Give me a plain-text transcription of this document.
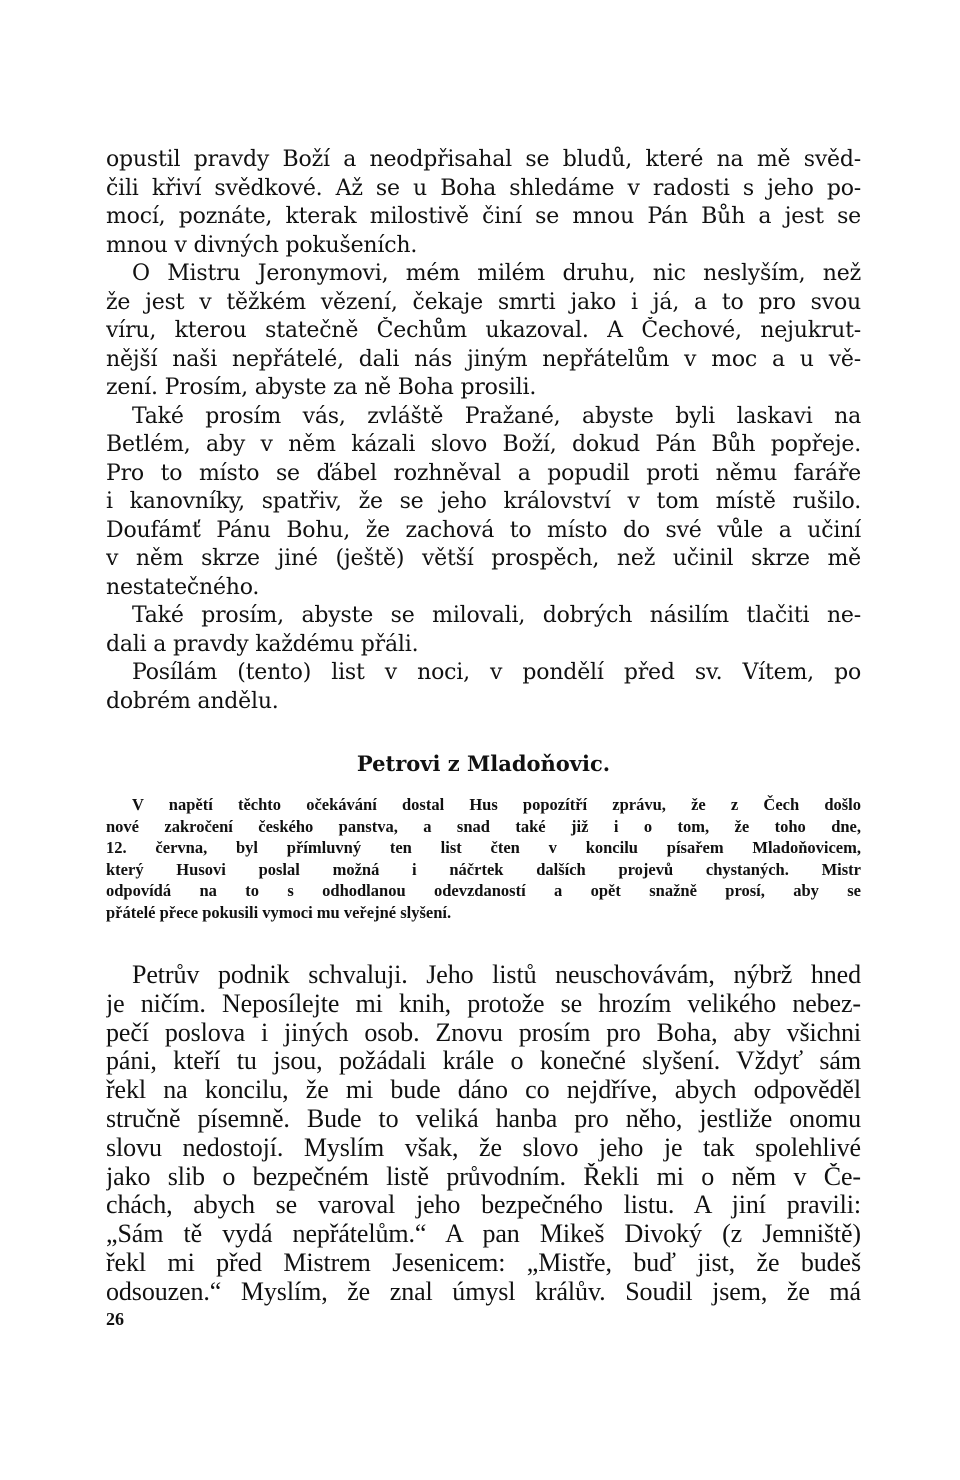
opustil pravdy Boží a neodpřisahal se bludů, které na mě svěd-
čili křiví svědkové. Až se u Boha shledáme v radosti s jeho po-
mocí, poznáte, kterak milostivě činí se mnou Pán Bůh a jest se
mnou v divných pokušeních.
O Mistru Jeronymovi, mém milém druhu, nic neslyším, než
že jest v těžkém vězení, čekaje smrti jako i já, a to pro svou
víru, kterou statečně Čechům ukazoval. A Čechové, nejukrut-
nější naši nepřátelé, dali nás jiným nepřátelům v moc a u vě-
zení. Prosím, abyste za ně Boha prosili.
Také prosím vás, zvláště Pražané, abyste byli laskavi na
Betlém, aby v něm kázali slovo Boží, dokud Pán Bůh popřeje.
Pro to místo se ďábel rozhněval a popudil proti němu faráře
i kanovníky, spatřiv, že se jeho království v tom místě rušilo.
Doufámť Pánu Bohu, že zachová to místo do své vůle a učiní
v něm skrze jiné (ještě) větší prospěch, než učinil skrze mě
nestatečného.
Také prosím, abyste se milovali, dobrých násilím tlačiti ne-
dali a pravdy každému přáli.
Posílám (tento) list v noci, v pondělí před sv. Vítem, po
dobrém andělu.
Petrovi z Mladoňovic.
V napětí těchto očekávání dostal Hus popozítří zprávu, že z Čech došlo
nové zakročení českého panstva, a snad také již i o tom, že toho dne,
12. června, byl přímluvný ten list čten v koncilu písařem Mladoňovicem,
který Husovi poslal možná i náčrtek dalších projevů chystaných. Mistr
odpovídá na to s odhodlanou odevzdaností a opět snažně prosí, aby se
přátelé přece pokusili vymoci mu veřejné slyšení.
Petrův podnik schvaluji. Jeho listů neuschovávám, nýbrž hned
je ničím. Neposílejte mi knih, protože se hrozím velikého nebez-
pečí poslova i jiných osob. Znovu prosím pro Boha, aby všichni
páni, kteří tu jsou, požádali krále o konečné slyšení. Vždyť sám
řekl na koncilu, že mi bude dáno co nejdříve, abych odpověděl
stručně písemně. Bude to veliká hanba pro něho, jestliže onomu
slovu nedostojí. Myslím však, že slovo jeho je tak spolehlivé
jako slib o bezpečném listě průvodním. Řekli mi o něm v Če-
chách, abych se varoval jeho bezpečného listu. A jiní pravili:
„Sám tě vydá nepřátelům.“ A pan Mikeš Divoký (z Jemniště)
řekl mi před Mistrem Jesenicem: „Mistře, buď jist, že budeš
odsouzen.“ Myslím, že znal úmysl králův. Soudil jsem, že má
26
